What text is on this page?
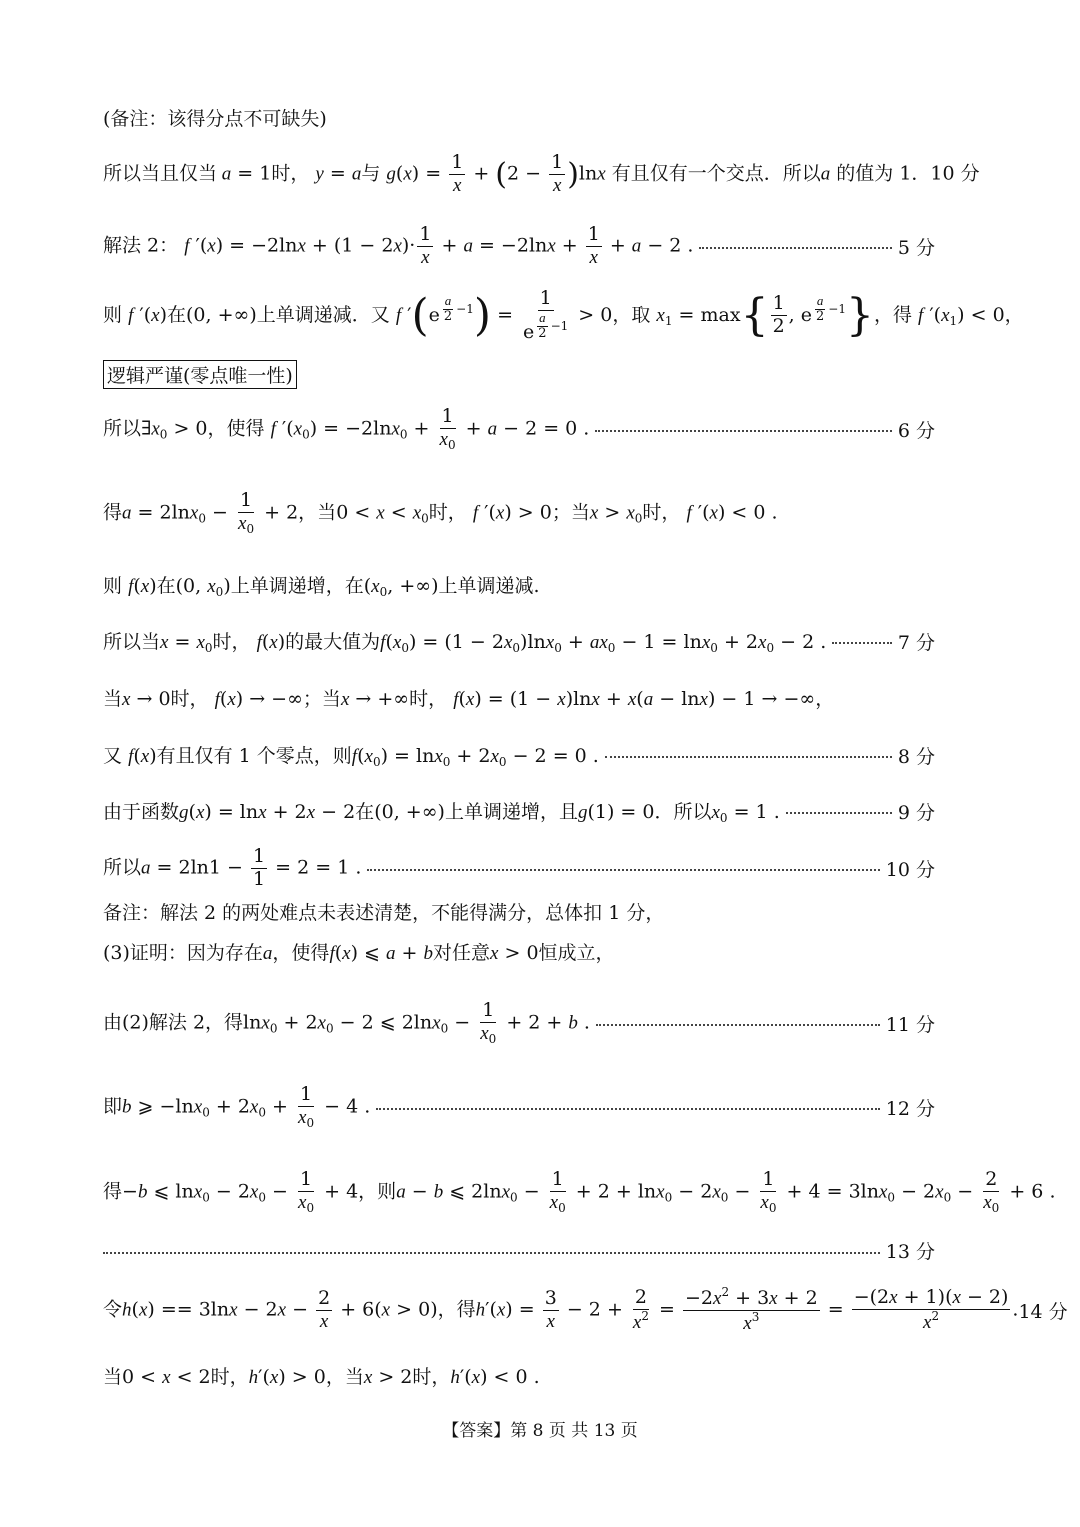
(备注：该得分点不可缺失)
所以当且仅当 a = 1时， y = a与 $g(x) = \frac{1}{x} + (2 - \frac{1}{x} )\ln x$ 有且仅有一个交点．所以a 的值为 1．10 分
解法 2： f $'(x) = -2\ln x + (1 - 2x)\cdot \frac{1}{x} + a = -2\ln x + \frac{1}{x} + a - 2$ .	5 分
则 f ′(x)在(0, +∞)上单调递减．又 f ′(e $^{\frac{a}{2} -1}$) = 1
e $^{\frac{a}{2} -1}$ > 0，取 $x_1 = \max\{ \frac{1}{2}$ , e $^{\frac{a}{2} -1}$}，得 f $'(x_1) < 0$，
逻辑严谨(零点唯一性)
所以$\exists x_0 > 0$，使得 f $'(x_0) = -2\ln x_0 + \frac{1}{x_0} + a - 2 = 0$ .	6 分
得$a = 2\ln x_0 - \frac{1}{x_0} + 2$，当$0 < x < x_0$时， f ′(x) > 0；当$x > x_0$时， f ′(x) < 0 .
则 f(x)在(0, $x_0$)上单调递增，在($x_0$, +∞)上单调递减.
所以当$x = x_0$时， f(x)的最大值为$f(x_0) = (1 - 2x_0)\ln x_0 + ax_0 - 1 = \ln x_0 + 2x_0 - 2$ .	7 分
当x → 0时， f(x) → −∞；当x → +∞时， f(x) = (1 − x)lnx + x(a − lnx) − 1 → −∞，
又 f(x)有且仅有 1 个零点，则$f(x_0) = \ln x_0 + 2x_0 - 2 = 0$ .	8 分
由于函数g(x) = lnx + 2x − 2在(0, +∞)上单调递增，且g(1) = 0．所以$x_0 = 1$ .	9 分
所以$a = 2\ln 1 - \frac{1}{1} = 2 = 1$ .	10 分
备注：解法 2 的两处难点未表述清楚，不能得满分，总体扣 1 分，
(3)证明：因为存在a，使得f(x) ⩽ a + b对任意x > 0恒成立，
由(2)解法 2，得$\ln x_0 + 2x_0 - 2$ ⩽ $2\ln x_0 - \frac{1}{x_0} + 2 + b$ .	11 分
即b ⩾ $-\ln x_0 + 2x_0 + \frac{1}{x_0} - 4$ .	12 分
得−b ⩽ $\ln x_0 - 2x_0 - \frac{1}{x_0} + 4$，则a − b ⩽ $2\ln x_0 - \frac{1}{x_0} + 2 + \ln x_0 - 2x_0 - \frac{1}{x_0} + 4 = 3\ln x_0 - 2x_0 - \frac{2}{x_0} + 6$ .
13 分
令$h(x) == 3\ln x - 2x - \frac{2}{x} + 6(x > 0)$，得$h'(x) = \frac{3}{x} - 2 + \frac{2}{x^2} = \frac{-2x^2 + 3x + 2}{x^3} = \frac{-(2x + 1)(x - 2)}{x^2}$ . 14 分
当0 < x < 2时，h′(x) > 0，当x > 2时，h′(x) < 0 .
【答案】第 8 页 共 13 页
